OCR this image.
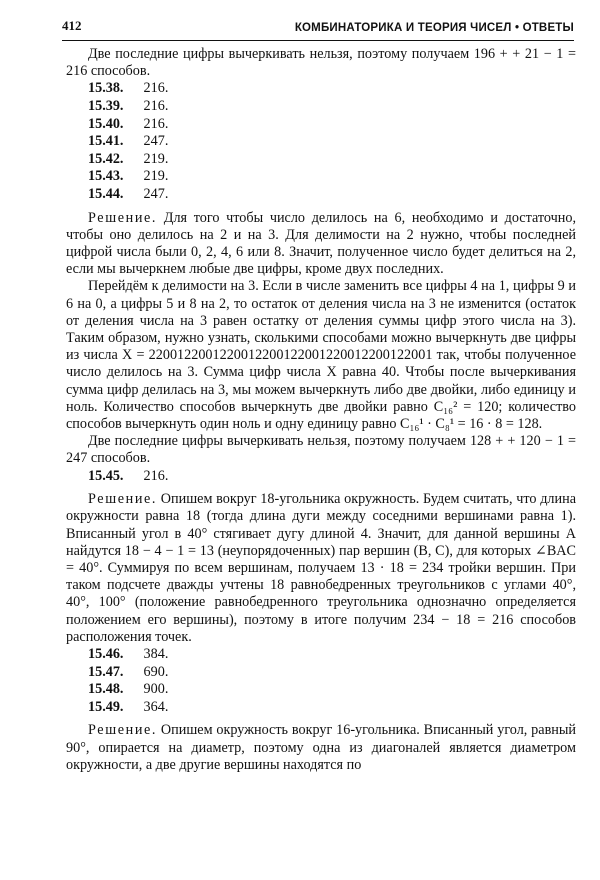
412	КОМБИНАТОРИКА И ТЕОРИЯ ЧИСЕЛ • ОТВЕТЫ

Две последние цифры вычеркивать нельзя, поэтому получаем 196 + + 21 − 1 = 216 способов.

15.38. 216.
15.39. 216.
15.40. 216.
15.41. 247.
15.42. 219.
15.43. 219.
15.44. 247.

Решение. Для того чтобы число делилось на 6, необходимо и достаточно, чтобы оно делилось на 2 и на 3. Для делимости на 2 нужно, чтобы последней цифрой числа были 0, 2, 4, 6 или 8. Значит, полученное число будет делиться на 2, если мы вычеркнем любые две цифры, кроме двух последних.

Перейдём к делимости на 3. Если в числе заменить все цифры 4 на 1, цифры 9 и 6 на 0, а цифры 5 и 8 на 2, то остаток от деления числа на 3 не изменится (остаток от деления числа на 3 равен остатку от деления суммы цифр этого числа на 3). Таким образом, нужно узнать, сколькими способами можно вычеркнуть две цифры из числа X = 2200122001220012200122001220012200122001 так, чтобы полученное число делилось на 3. Сумма цифр числа X равна 40. Чтобы после вычеркивания сумма цифр делилась на 3, мы можем вычеркнуть либо две двойки, либо единицу и ноль. Количество способов вычеркнуть две двойки равно C₁₆² = 120; количество способов вычеркнуть один ноль и одну единицу равно C₁₆¹ · C₈¹ = 16 · 8 = 128.

Две последние цифры вычеркивать нельзя, поэтому получаем 128 + + 120 − 1 = 247 способов.

15.45. 216.

Решение. Опишем вокруг 18-угольника окружность. Будем считать, что длина окружности равна 18 (тогда длина дуги между соседними вершинами равна 1). Вписанный угол в 40° стягивает дугу длиной 4. Значит, для данной вершины A найдутся 18 − 4 − 1 = 13 (неупорядоченных) пар вершин (B, C), для которых ∠BAC = 40°. Суммируя по всем вершинам, получаем 13 · 18 = 234 тройки вершин. При таком подсчете дважды учтены 18 равнобедренных треугольников с углами 40°, 40°, 100° (положение равнобедренного треугольника однозначно определяется положением его вершины), поэтому в итоге получим 234 − 18 = 216 способов расположения точек.

15.46. 384.
15.47. 690.
15.48. 900.
15.49. 364.

Решение. Опишем окружность вокруг 16-угольника. Вписанный угол, равный 90°, опирается на диаметр, поэтому одна из диагоналей является диаметром окружности, а две другие вершины находятся по
